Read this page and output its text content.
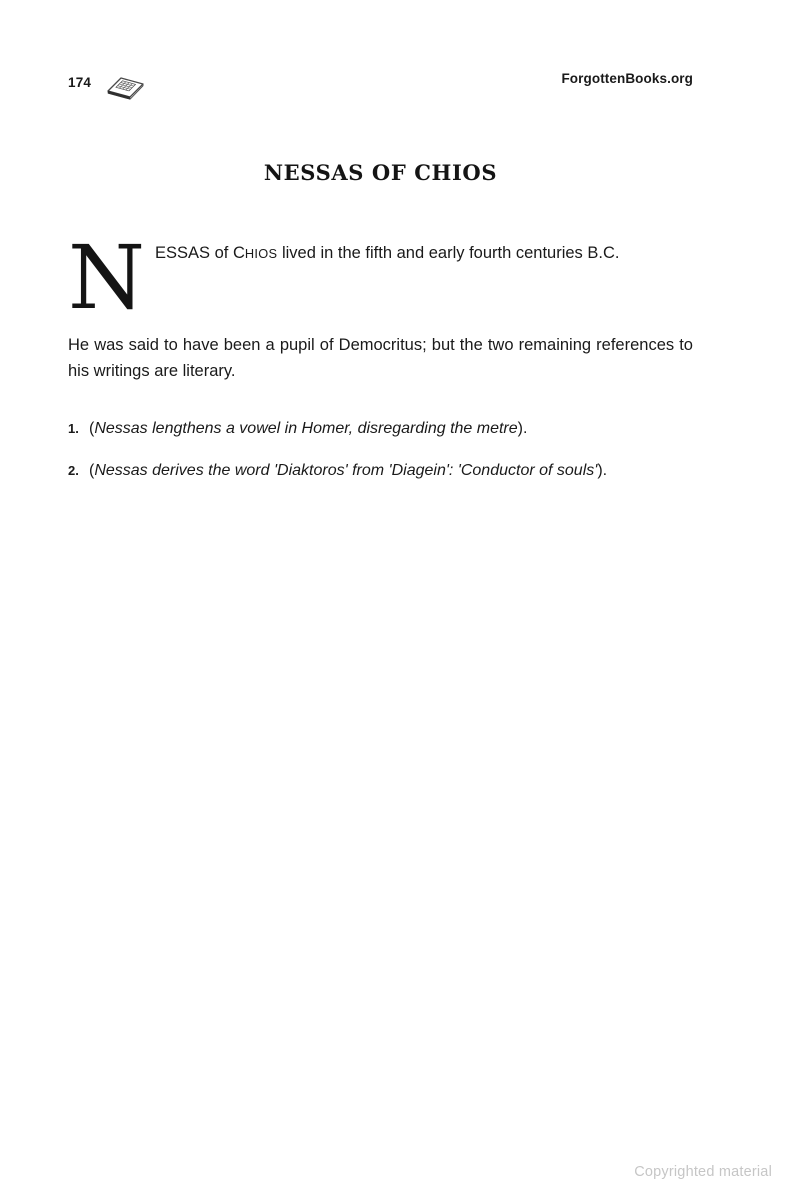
174	ForgottenBooks.org
NESSAS OF CHIOS

NESSAS of CHIOS lived in the fifth and early fourth centuries B.C.

He was said to have been a pupil of Democritus; but the two remaining references to his writings are literary.

1. (Nessas lengthens a vowel in Homer, disregarding the metre).
2. (Nessas derives the word 'Diaktoros' from 'Diagein': 'Conductor of souls').
Copyrighted material
